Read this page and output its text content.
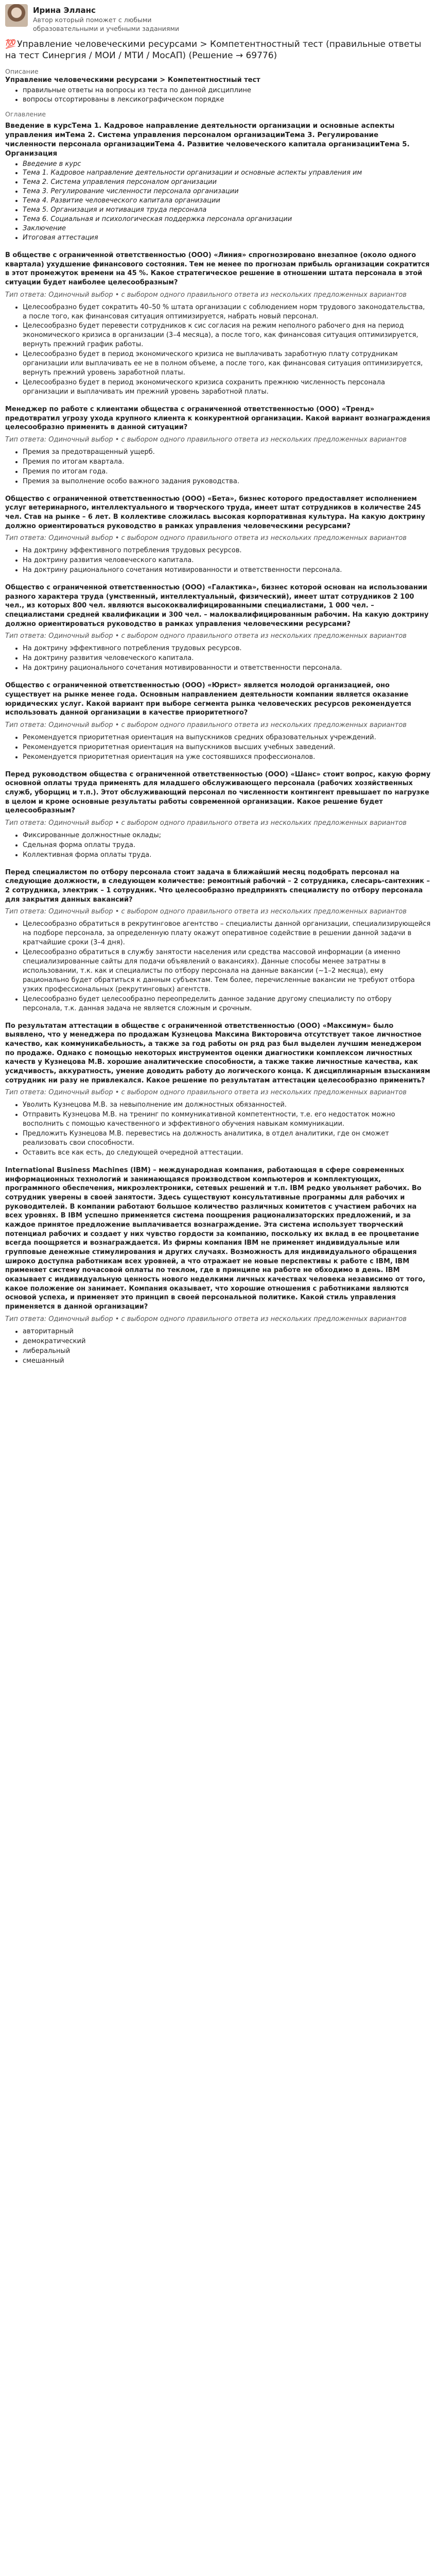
Ирина Элланс
Автор который поможет с любыми образовательными и учебными заданиями
💯 Управление человеческими ресурсами > Компетентностный тест (правильные ответы на тест Синергия / МОИ / МТИ / МосАП) (Решение → 69776)
Описание
Управление человеческими ресурсами > Компетентностный тест
• правильные ответы на вопросы из теста по данной дисциплине
• вопросы отсортированы в лексикографическом порядке
Оглавление
Введение в курсТема 1. Кадровое направление деятельности организации и основные аспекты управления имТема 2. Система управления персоналом организацииТема 3. Регулирование численности персонала организацииТема 4. Развитие человеческого капитала организацииТема 5. Организация
• Введение в курс
• Тема 1. Кадровое направление деятельности организации и основные аспекты управления им
• Тема 2. Система управления персоналом организации
• Тема 3. Регулирование численности персонала организации
• Тема 4. Развитие человеческого капитала организации
• Тема 5. Организация и мотивация труда персонала
• Тема 6. Социальная и психологическая поддержка персонала организации
• Заключение
• Итоговая аттестация
В обществе с ограниченной ответственностью (ООО) «Линия» спрогнозировано внезапное (около одного квартала) ухудшение финансового состояния. Тем не менее по прогнозам прибыль организации сократится в этот промежуток времени на 45 %. Какое стратегическое решение в отношении штата персонала в этой ситуации будет наиболее целесообразным?
Тип ответа: Одиночный выбор • с выбором одного правильного ответа из нескольких предложенных вариантов
• Целесообразно будет сократить 40–50 % штата организации с соблюдением норм трудового законодательства, а после того, как финансовая ситуация оптимизируется, набрать новый персонал.
• Целесообразно будет перевести сотрудников к сис согласия на режим неполного рабочего дня на период экономического кризиса в организации (3–4 месяца), а после того, как финансовая ситуация оптимизируется, вернуть прежний график работы.
• Целесообразно будет в период экономического кризиса не выплачивать заработную плату сотрудникам организации или выплачивать ее не в полном объеме, а после того, как финансовая ситуация оптимизируется, вернуть прежний уровень заработной платы.
• Целесообразно будет в период экономического кризиса сохранить прежнюю численность персонала организации и выплачивать им прежний уровень заработной платы.
Менеджер по работе с клиентами общества с ограниченной ответственностью (ООО) «Тренд» предотвратил угрозу ухода крупного клиента к конкурентной организации. Какой вариант вознаграждения целесообразно применить в данной ситуации?
Тип ответа: Одиночный выбор • с выбором одного правильного ответа из нескольких предложенных вариантов
• Премия за предотвращенный ущерб.
• Премия по итогам квартала.
• Премия по итогам года.
• Премия за выполнение особо важного задания руководства.
Общество с ограниченной ответственностью (ООО) «Бета», бизнес которого предоставляет исполнением услуг ветеринарного, интеллектуального и творческого труда, имеет штат сотрудников в количестве 245 чел. Став на рынке – 6 лет. В коллективе сложилась высокая корпоративная культура. На какую доктрину должно ориентироваться руководство в рамках управления человеческими ресурсами?
Тип ответа: Одиночный выбор • с выбором одного правильного ответа из нескольких предложенных вариантов
• На доктрину эффективного потребления трудовых ресурсов.
• На доктрину развития человеческого капитала.
• На доктрину рационального сочетания мотивированности и ответственности персонала.
Общество с ограниченной ответственностью (ООО) «Галактика», бизнес которой основан на использовании разного характера труда (умственный, интеллектуальный, физический), имеет штат сотрудников 2 100 чел., из которых 800 чел. являются высококвалифицированными специалистами, 1 000 чел. – специалистами средней квалификации и 300 чел. – малоквалифицированным рабочим. На какую доктрину должно ориентироваться руководство в рамках управления человеческими ресурсами?
Тип ответа: Одиночный выбор • с выбором одного правильного ответа из нескольких предложенных вариантов
• На доктрину эффективного потребления трудовых ресурсов.
• На доктрину развития человеческого капитала.
• На доктрину рационального сочетания мотивированности и ответственности персонала.
Общество с ограниченной ответственностью (ООО) «Юрист» является молодой организацией, оно существует на рынке менее года. Основным направлением деятельности компании является оказание юридических услуг. Какой вариант при выборе сегмента рынка человеческих ресурсов рекомендуется использовать данной организации в качестве приоритетного?
Тип ответа: Одиночный выбор • с выбором одного правильного ответа из нескольких предложенных вариантов
• Рекомендуется приоритетная ориентация на выпускников средних образовательных учреждений.
• Рекомендуется приоритетная ориентация на выпускников высших учебных заведений.
• Рекомендуется приоритетная ориентация на уже состоявшихся профессионалов.
Перед руководством общества с ограниченной ответственностью (ООО) «Шанс» стоит вопрос, какую форму основной оплаты труда применять для младшего обслуживающего персонала (рабочих хозяйственных служб, уборщиц и т.п.). Этот обслуживающий персонал по численности контингент превышает по нагрузке в целом и кроме основные результаты работы современной организации. Какое решение будет целесообразным?
Тип ответа: Одиночный выбор • с выбором одного правильного ответа из нескольких предложенных вариантов
• Фиксированные должностные оклады;
• Сдельная форма оплаты труда.
• Коллективная форма оплаты труда.
Перед специалистом по отбору персонала стоит задача в ближайший месяц подобрать персонал на следующие должности, в следующем количестве: ремонтный рабочий – 2 сотрудника, слесарь-сантехник – 2 сотрудника, электрик – 1 сотрудник. Что целесообразно предпринять специалисту по отбору персонала для закрытия данных вакансий?
Тип ответа: Одиночный выбор • с выбором одного правильного ответа из нескольких предложенных вариантов
• Целесообразно обратиться в рекрутинговое агентство – специалисты данной организации, специализирующейся на подборе персонала, за определенную плату окажут оперативное содействие в решении данной задачи в кратчайшие сроки (3–4 дня).
• Целесообразно обратиться в службу занятости населения или средства массовой информации (а именно специализированные сайты для подачи объявлений о вакансиях). Данные способы менее затратны в использовании, т.к. как и специалисты по отбору персонала на данные вакансии (~1–2 месяца), ему рационально будет обратиться к данным субъектам. Тем более, перечисленные вакансии не требуют отбора узких профессиональных (рекрутинговых) агентств.
• Целесообразно будет целесообразно переопределить данное задание другому специалисту по отбору персонала, т.к. данная задача не является сложным и срочным.
По результатам аттестации в обществе с ограниченной ответственностью (ООО) «Максимум» было выявлено, что у менеджера по продажам Кузнецова Максима Викторовича отсутствует такое личностное качество, как коммуникабельность, а также за год работы он ряд раз был выделен лучшим менеджером по продаже. Однако с помощью некоторых инструментов оценки диагностики комплексом личностных качеств у Кузнецова М.В. хорошие аналитические способности, а также такие личностные качества, как усидчивость, аккуратность, умение доводить работу до логического конца. К дисциплинарным взысканиям сотрудник ни разу не привлекался. Какое решение по результатам аттестации целесообразно применить?
Тип ответа: Одиночный выбор • с выбором одного правильного ответа из нескольких предложенных вариантов
• Уволить Кузнецова М.В. за невыполнение им должностных обязанностей.
• Отправить Кузнецова М.В. на тренинг по коммуникативной компетентности, т.е. его недостаток можно восполнить с помощью качественного и эффективного обучения навыкам коммуникации.
• Предложить Кузнецова М.В. перевестись на должность аналитика, в отдел аналитики, где он сможет реализовать свои способности.
• Оставить все как есть, до следующей очередной аттестации.
International Business Machines (IBM) – международная компания, работающая в сфере современных информационных технологий и занимающаяся производством компьютеров и комплектующих, программного обеспечения, микроэлектроники, сетевых решений и т.п. IBM редко увольняет рабочих. Во сотрудник уверены в своей занятости. Здесь существуют консультативные программы для рабочих и руководителей. В компании работают большое количество различных комитетов с участием рабочих на всех уровнях. В IBM успешно применяется система поощрения рационализаторских предложений, и за каждое принятое предложение выплачивается вознаграждение. Эта система использует творческий потенциал рабочих и создает у них чувство гордости за компанию, поскольку их вклад в ее процветание всегда поощряется и вознаграждается. Из фирмы компания IBM не применяет индивидуальные или групповые денежные стимулирования и других случаях. Возможность для индивидуального обращения широко доступна работникам всех уровней, а что отражает не новые перспективы к работе с IBM, IBM применяет систему почасовой оплаты по теклом, где в принципе на работе не обходимо в день. IBM оказывает с индивидуальную ценность нового неделкими личных качествах человека независимо от того, какое положение он занимает. Компания оказывает, что хорошие отношения с работниками являются основой успеха, и применяет это принцип в своей персональной политике. Какой стиль управления применяется в данной организации?
Тип ответа: Одиночный выбор • с выбором одного правильного ответа из нескольких предложенных вариантов
• авторитарный
• демократический
• либеральный
• смешанный
